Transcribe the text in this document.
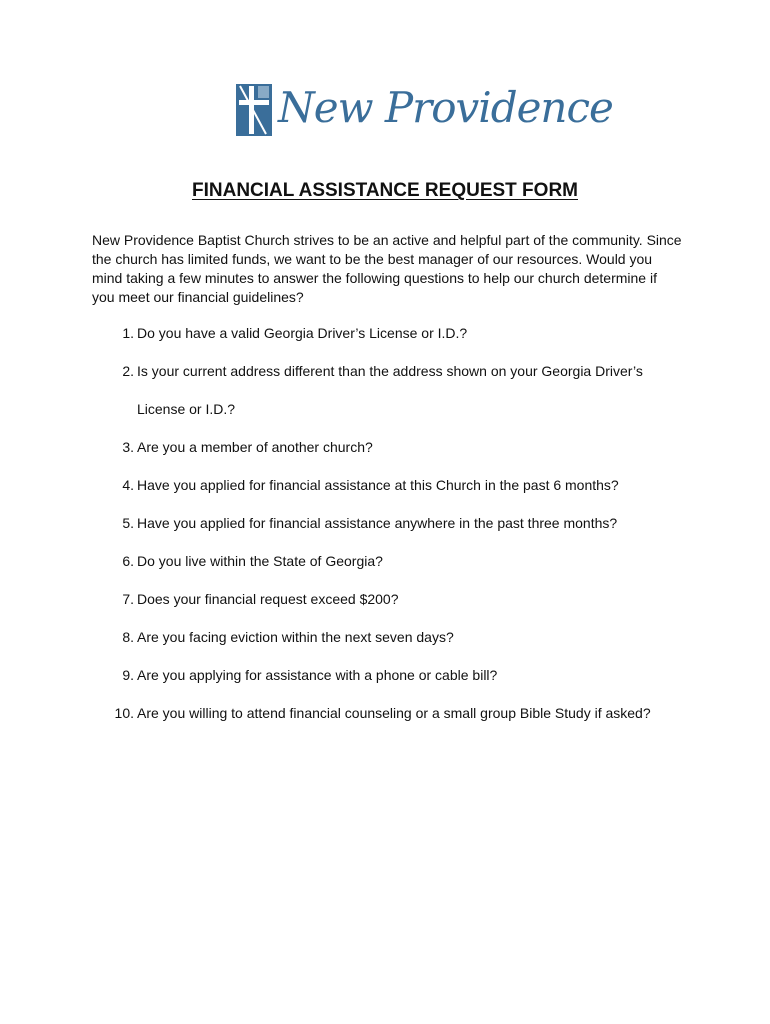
New Providence
FINANCIAL ASSISTANCE REQUEST FORM
New Providence Baptist Church strives to be an active and helpful part of the community. Since the church has limited funds, we want to be the best manager of our resources. Would you mind taking a few minutes to answer the following questions to help our church determine if you meet our financial guidelines?
1. Do you have a valid Georgia Driver’s License or I.D.?
2. Is your current address different than the address shown on your Georgia Driver’s
License or I.D.?
3. Are you a member of another church?
4. Have you applied for financial assistance at this Church in the past 6 months?
5. Have you applied for financial assistance anywhere in the past three months?
6. Do you live within the State of Georgia?
7. Does your financial request exceed $200?
8. Are you facing eviction within the next seven days?
9. Are you applying for assistance with a phone or cable bill?
10. Are you willing to attend financial counseling or a small group Bible Study if asked?
